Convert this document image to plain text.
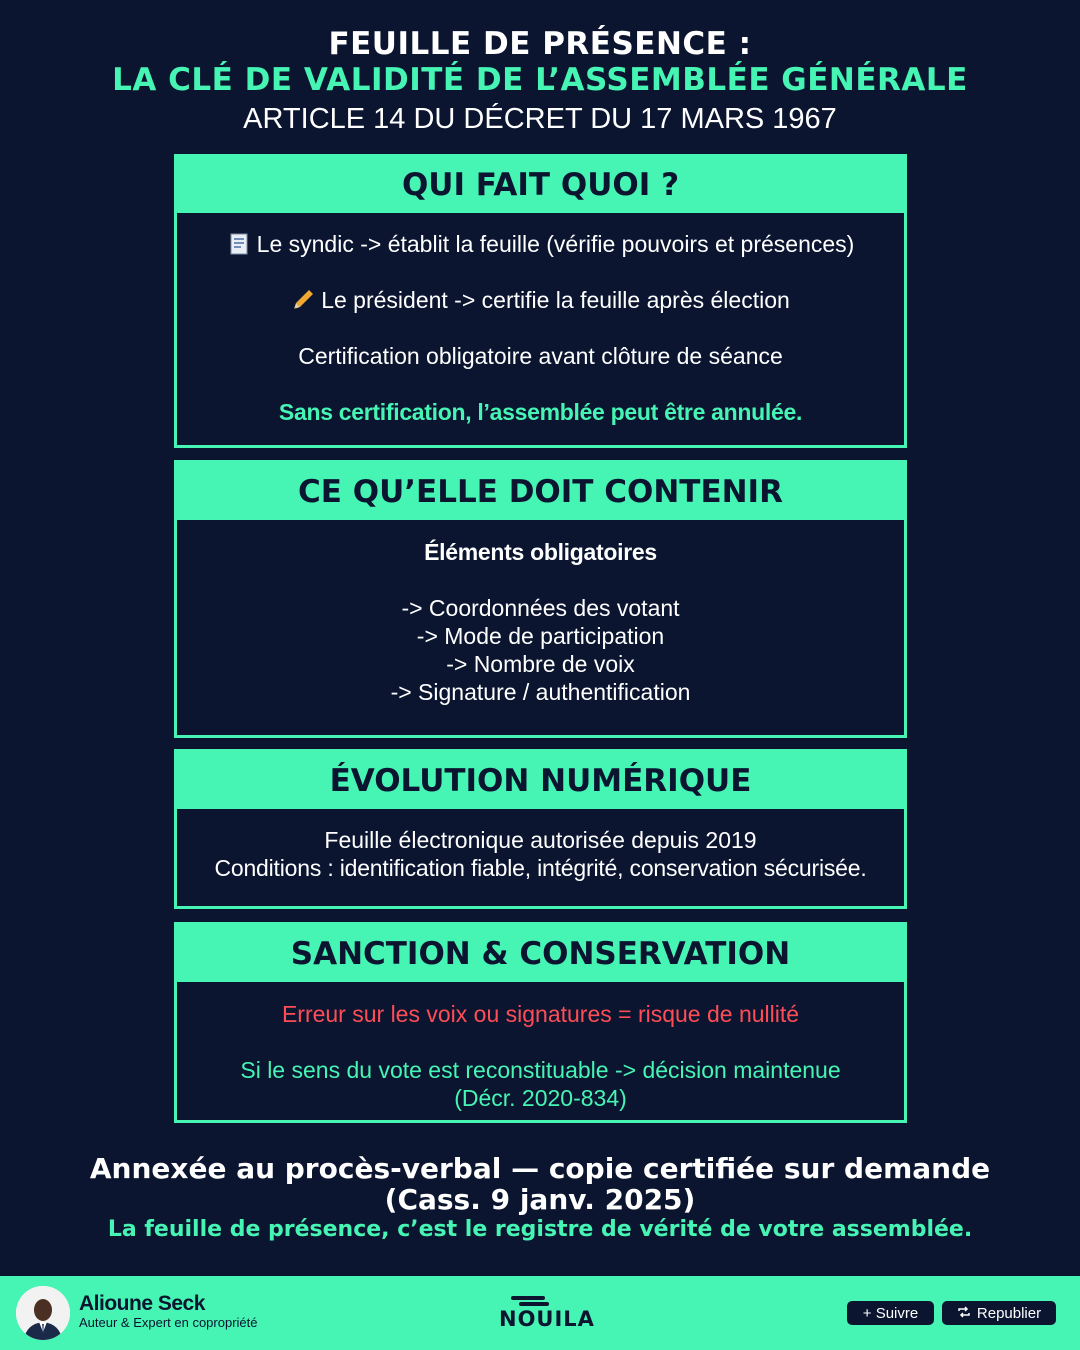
FEUILLE DE PRÉSENCE :
LA CLÉ DE VALIDITÉ DE L’ASSEMBLÉE GÉNÉRALE
ARTICLE 14 DU DÉCRET DU 17 MARS 1967
QUI FAIT QUOI ?
Le syndic -> établit la feuille (vérifie pouvoirs et présences)
Le président -> certifie la feuille après élection
Certification obligatoire avant clôture de séance
Sans certification, l’assemblée peut être annulée.
CE QU’ELLE DOIT CONTENIR
Éléments obligatoires
-> Coordonnées des votant
-> Mode de participation
-> Nombre de voix
-> Signature / authentification
ÉVOLUTION NUMÉRIQUE
Feuille électronique autorisée depuis 2019
Conditions : identification fiable, intégrité, conservation sécurisée.
SANCTION & CONSERVATION
Erreur sur les voix ou signatures = risque de nullité
Si le sens du vote est reconstituable -> décision maintenue
(Décr. 2020-834)
Annexée au procès-verbal — copie certifiée sur demande
(Cass. 9 janv. 2025)
La feuille de présence, c’est le registre de vérité de votre assemblée.
Alioune Seck
Auteur & Expert en copropriété	NOUILA	+ Suivre	Republier
